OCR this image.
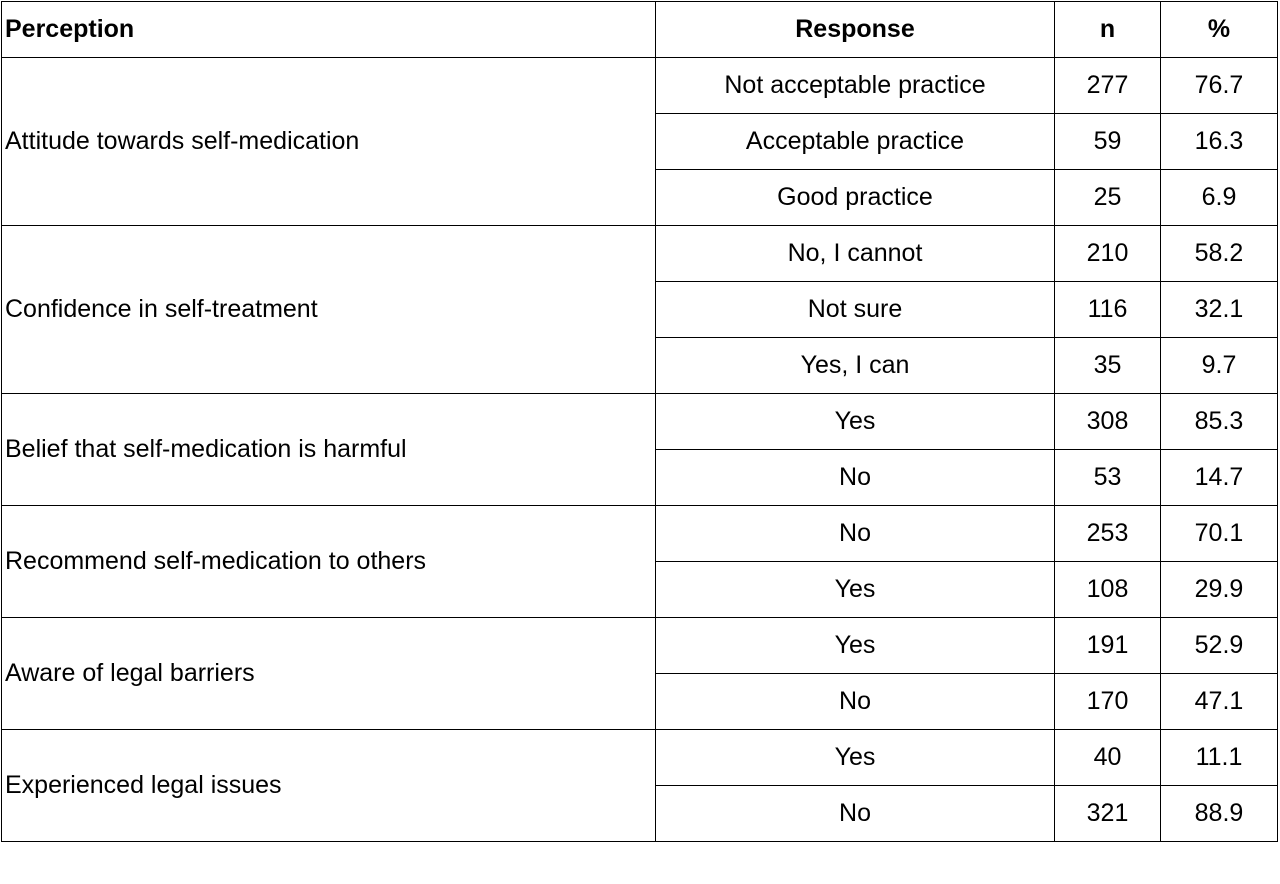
Perception	Response	n	%
Attitude towards self-medication	Not acceptable practice	277	76.7
	Acceptable practice	59	16.3
	Good practice	25	6.9
Confidence in self-treatment	No, I cannot	210	58.2
	Not sure	116	32.1
	Yes, I can	35	9.7
Belief that self-medication is harmful	Yes	308	85.3
	No	53	14.7
Recommend self-medication to others	No	253	70.1
	Yes	108	29.9
Aware of legal barriers	Yes	191	52.9
	No	170	47.1
Experienced legal issues	Yes	40	11.1
	No	321	88.9
